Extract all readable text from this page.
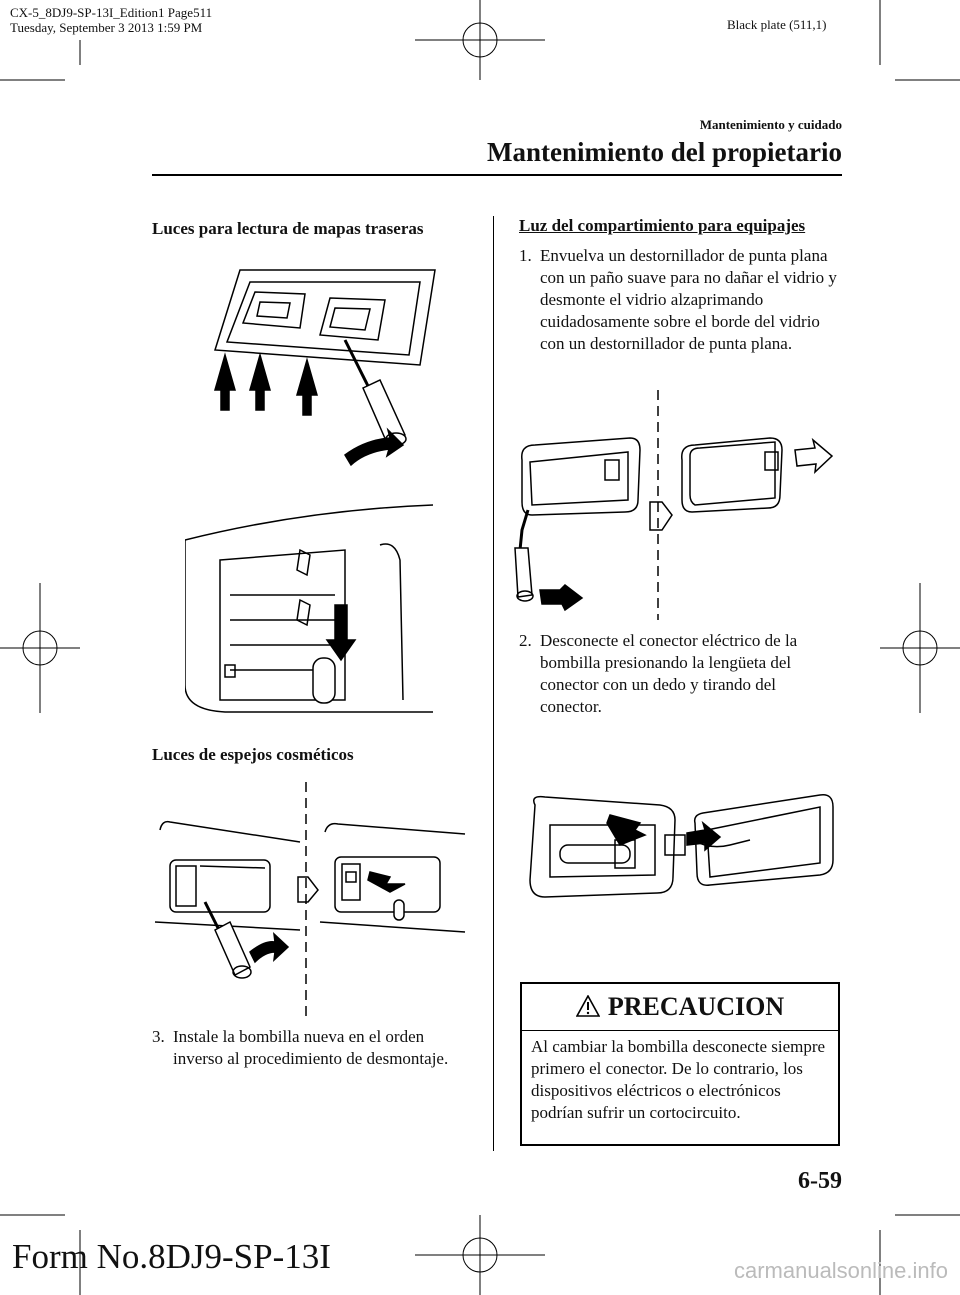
CX-5_8DJ9-SP-13I_Edition1 Page511
Tuesday, September 3 2013 1:59 PM	Black plate (511,1)
Mantenimiento y cuidado
Mantenimiento del propietario
Luces para lectura de mapas traseras
Luces de espejos cosméticos
3. Instale la bombilla nueva en el orden inverso al procedimiento de desmontaje.
Luz del compartimiento para equipajes
1. Envuelva un destornillador de punta plana con un paño suave para no dañar el vidrio y desmonte el vidrio alzaprimando cuidadosamente sobre el borde del vidrio con un destornillador de punta plana.
2. Desconecte el conector eléctrico de la bombilla presionando la lengüeta del conector con un dedo y tirando del conector.
PRECAUCION
Al cambiar la bombilla desconecte siempre primero el conector. De lo contrario, los dispositivos eléctricos o electrónicos podrían sufrir un cortocircuito.
6-59
Form No.8DJ9-SP-13I	carmanualsonline.info
